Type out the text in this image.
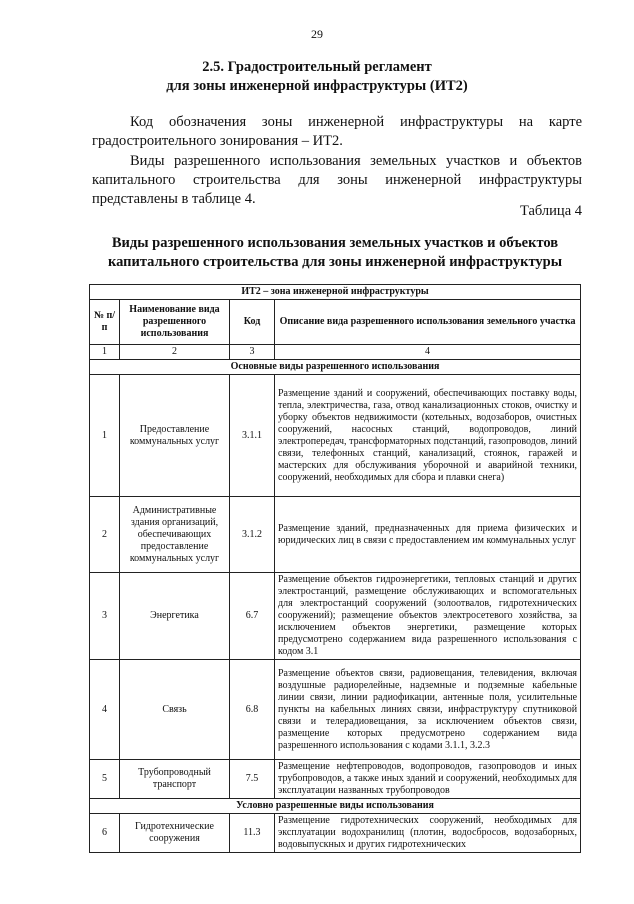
29
2.5. Градостроительный регламент
для зоны инженерной инфраструктуры (ИТ2)

Код обозначения зоны инженерной инфраструктуры на карте градостроительного зонирования – ИТ2.

Виды разрешенного использования земельных участков и объектов капитального строительства для зоны инженерной инфраструктуры представлены в таблице 4.

Таблица 4
Виды разрешенного использования земельных участков и объектов
капитального строительства для зоны инженерной инфраструктуры
ИТ2 – зона инженерной инфраструктуры			
№ п/п	Наименование вида разрешенного использования	Код	Описание вида разрешенного использования земельного участка
1	2	3	4
Основные виды разрешенного использования			
1	Предоставление коммунальных услуг	3.1.1	Размещение зданий и сооружений, обеспечивающих поставку воды, тепла, электричества, газа, отвод канализационных стоков, очистку и уборку объектов недвижимости (котельных, водозаборов, очистных сооружений, насосных станций, водопроводов, линий электропередач, трансформаторных подстанций, газопроводов, линий связи, телефонных станций, канализаций, стоянок, гаражей и мастерских для обслуживания уборочной и аварийной техники, сооружений, необходимых для сбора и плавки снега)
2	Административные здания организаций, обеспечивающих предоставление коммунальных услуг	3.1.2	Размещение зданий, предназначенных для приема физических и юридических лиц в связи с предоставлением им коммунальных услуг
3	Энергетика	6.7	Размещение объектов гидроэнергетики, тепловых станций и других электростанций, размещение обслуживающих и вспомогательных для электростанций сооружений (золоотвалов, гидротехнических сооружений); размещение объектов электросетевого хозяйства, за исключением объектов энергетики, размещение которых предусмотрено содержанием вида разрешенного использования с кодом 3.1
4	Связь	6.8	Размещение объектов связи, радиовещания, телевидения, включая воздушные радиорелейные, надземные и подземные кабельные линии связи, линии радиофикации, антенные поля, усилительные пункты на кабельных линиях связи, инфраструктуру спутниковой связи и телерадиовещания, за исключением объектов связи, размещение которых предусмотрено содержанием вида разрешенного использования с кодами 3.1.1, 3.2.3
5	Трубопроводный транспорт	7.5	Размещение нефтепроводов, водопроводов, газопроводов и иных трубопроводов, а также иных зданий и сооружений, необходимых для эксплуатации названных трубопроводов
Условно разрешенные виды использования			
6	Гидротехнические сооружения	11.3	Размещение гидротехнических сооружений, необходимых для эксплуатации водохранилищ (плотин, водосбросов, водозаборных, водовыпускных и других гидротехнических
